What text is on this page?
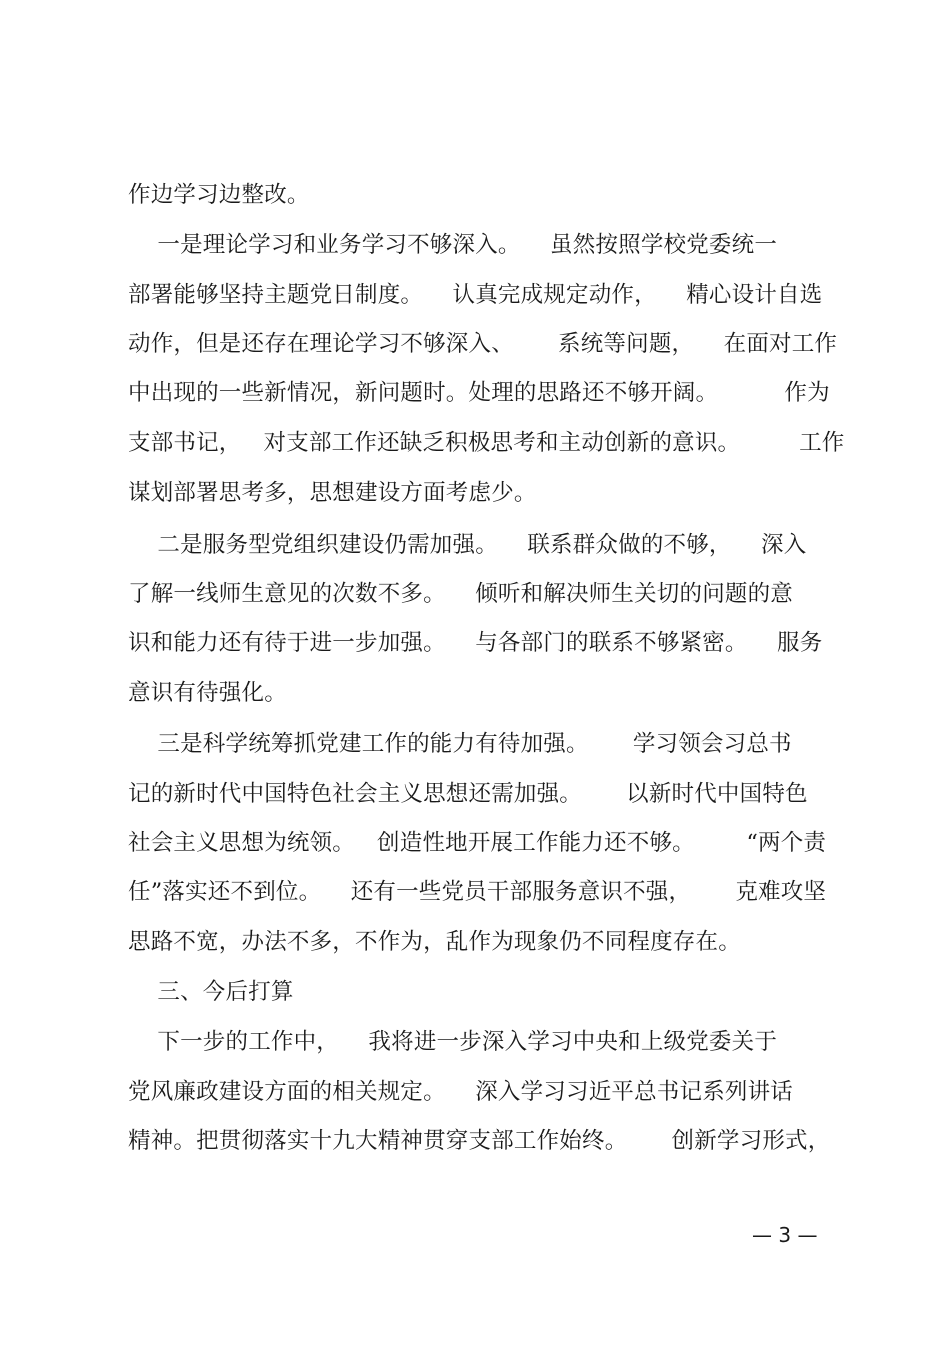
作边学习边整改。
一是理论学习和业务学习不够深入。    虽然按照学校党委统一
部署能够坚持主题党日制度。    认真完成规定动作，    精心设计自选
动作，但是还存在理论学习不够深入、      系统等问题，    在面对工作
中出现的一些新情况，新问题时。处理的思路还不够开阔。         作为
支部书记，   对支部工作还缺乏积极思考和主动创新的意识。        工作
谋划部署思考多，思想建设方面考虑少。
二是服务型党组织建设仍需加强。    联系群众做的不够，    深入
了解一线师生意见的次数不多。    倾听和解决师生关切的问题的意
识和能力还有待于进一步加强。    与各部门的联系不够紧密。    服务
意识有待强化。
三是科学统筹抓党建工作的能力有待加强。      学习领会习总书
记的新时代中国特色社会主义思想还需加强。      以新时代中国特色
社会主义思想为统领。   创造性地开展工作能力还不够。       “两个责
任”落实还不到位。    还有一些党员干部服务意识不强，      克难攻坚
思路不宽，办法不多，不作为，乱作为现象仍不同程度存在。
三、今后打算
下一步的工作中，    我将进一步深入学习中央和上级党委关于
党风廉政建设方面的相关规定。    深入学习习近平总书记系列讲话
精神。把贯彻落实十九大精神贯穿支部工作始终。      创新学习形式，
— 3 —
